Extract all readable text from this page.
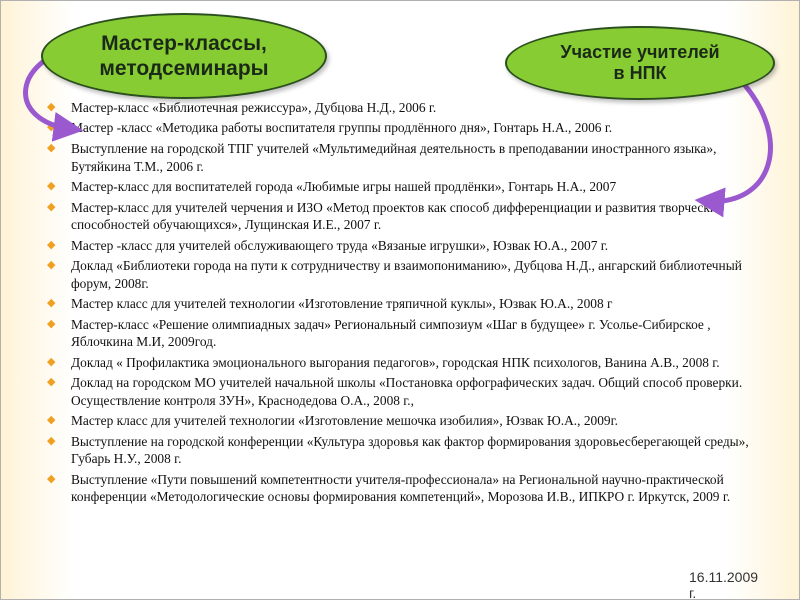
Мастер-классы,
методсеминары
Участие учителей
в НПК
◆ Мастер-класс «Библиотечная режиссура», Дубцова Н.Д., 2006 г.
◆ Мастер -класс «Методика работы воспитателя группы продлённого дня», Гонтарь Н.А., 2006 г.
◆ Выступление на городской ТПГ учителей «Мультимедийная деятельность в преподавании иностранного языка», Бутяйкина Т.М., 2006 г.
◆ Мастер-класс для воспитателей города «Любимые игры нашей продлёнки», Гонтарь Н.А., 2007
◆ Мастер-класс для учителей черчения и ИЗО «Метод проектов как способ дифференциации и развития творческих способностей обучающихся», Лущинская И.Е., 2007 г.
◆ Мастер -класс для учителей обслуживающего труда «Вязаные игрушки», Юзвак Ю.А., 2007 г.
◆ Доклад «Библиотеки города на пути к сотрудничеству и взаимопониманию», Дубцова Н.Д., ангарский библиотечный форум, 2008г.
◆ Мастер класс для учителей технологии «Изготовление тряпичной куклы», Юзвак Ю.А., 2008 г
◆ Мастер-класс «Решение олимпиадных задач» Региональный симпозиум «Шаг в будущее» г. Усолье-Сибирское , Яблочкина М.И, 2009год.
◆ Доклад « Профилактика эмоционального выгорания педагогов», городская НПК психологов, Ванина А.В., 2008 г.
◆ Доклад на городском МО учителей начальной школы «Постановка орфографических задач. Общий способ проверки. Осуществление контроля ЗУН», Краснодедова О.А., 2008 г.,
◆ Мастер класс для учителей технологии «Изготовление мешочка изобилия», Юзвак Ю.А., 2009г.
◆ Выступление на городской конференции «Культура здоровья как фактор формирования здоровьесберегающей среды», Губарь Н.У., 2008 г.
◆ Выступление «Пути повышений компетентности учителя-профессионала» на Региональной научно-практической конференции «Методологические основы формирования компетенций», Морозова И.В., ИПКРО г. Иркутск, 2009 г.
16.11.2009 г.
